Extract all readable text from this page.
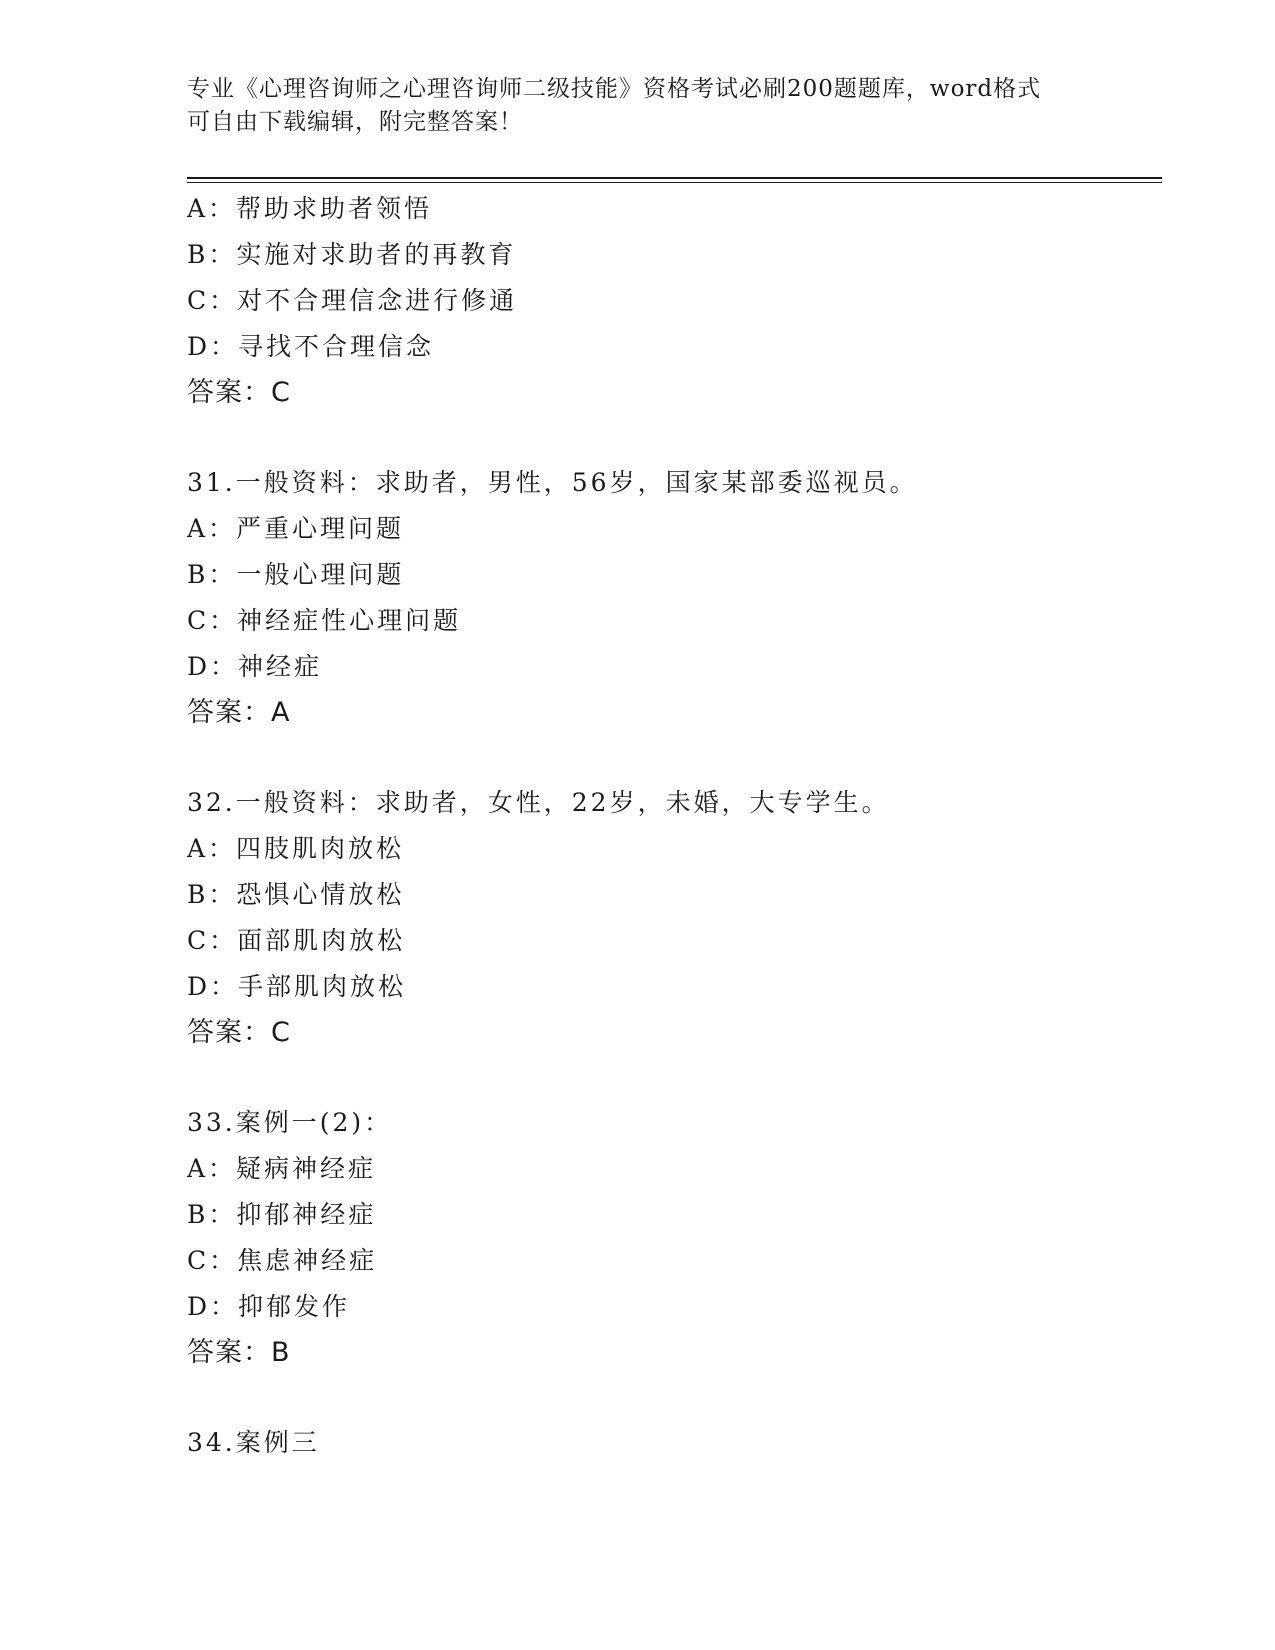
专业《心理咨询师之心理咨询师二级技能》资格考试必刷200题题库，word格式
可自由下载编辑，附完整答案！
A：帮助求助者领悟
B：实施对求助者的再教育
C：对不合理信念进行修通
D：寻找不合理信念
答案：C
31.一般资料：求助者，男性，56岁，国家某部委巡视员。
A：严重心理问题
B：一般心理问题
C：神经症性心理问题
D：神经症
答案：A
32.一般资料：求助者，女性，22岁，未婚，大专学生。
A：四肢肌肉放松
B：恐惧心情放松
C：面部肌肉放松
D：手部肌肉放松
答案：C
33.案例一(2)：
A：疑病神经症
B：抑郁神经症
C：焦虑神经症
D：抑郁发作
答案：B
34.案例三
